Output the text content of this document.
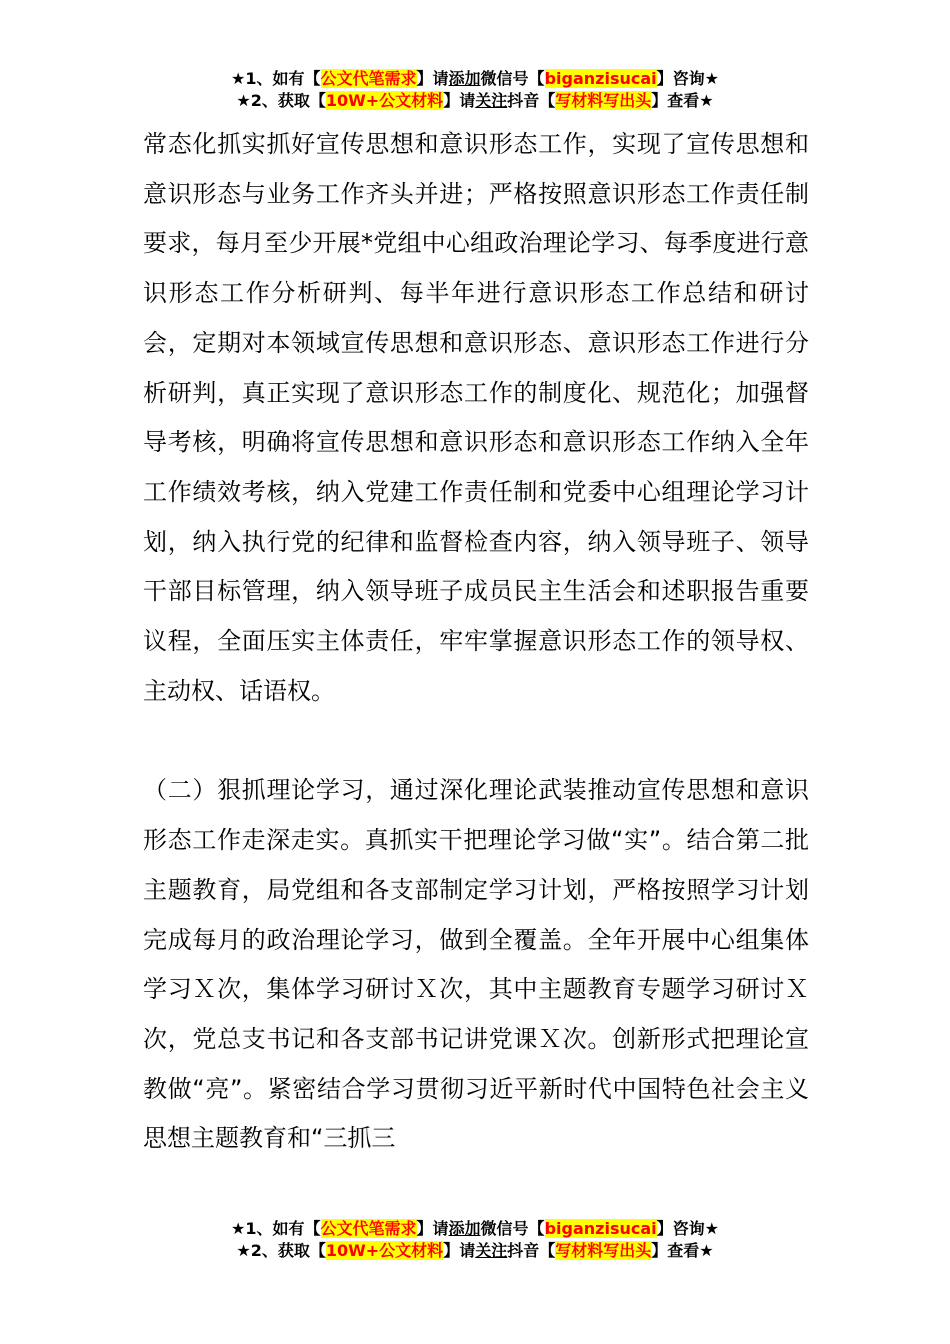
★1、如有【公文代笔需求】请添加微信号【biganzisucai】咨询★
★2、获取【10W+公文材料】请关注抖音【写材料写出头】查看★

常态化抓实抓好宣传思想和意识形态工作，实现了宣传思想和意识形态与业务工作齐头并进；严格按照意识形态工作责任制要求，每月至少开展*党组中心组政治理论学习、每季度进行意识形态工作分析研判、每半年进行意识形态工作总结和研讨会，定期对本领域宣传思想和意识形态、意识形态工作进行分析研判，真正实现了意识形态工作的制度化、规范化；加强督导考核，明确将宣传思想和意识形态和意识形态工作纳入全年工作绩效考核，纳入党建工作责任制和党委中心组理论学习计划，纳入执行党的纪律和监督检查内容，纳入领导班子、领导干部目标管理，纳入领导班子成员民主生活会和述职报告重要议程，全面压实主体责任，牢牢掌握意识形态工作的领导权、主动权、话语权。

（二）狠抓理论学习，通过深化理论武装推动宣传思想和意识形态工作走深走实。真抓实干把理论学习做“实”。结合第二批主题教育，局党组和各支部制定学习计划，严格按照学习计划完成每月的政治理论学习，做到全覆盖。全年开展中心组集体学习Ｘ次，集体学习研讨Ｘ次，其中主题教育专题学习研讨Ｘ次，党总支书记和各支部书记讲党课Ｘ次。创新形式把理论宣教做“亮”。紧密结合学习贯彻习近平新时代中国特色社会主义思想主题教育和“三抓三

★1、如有【公文代笔需求】请添加微信号【biganzisucai】咨询★
★2、获取【10W+公文材料】请关注抖音【写材料写出头】查看★
